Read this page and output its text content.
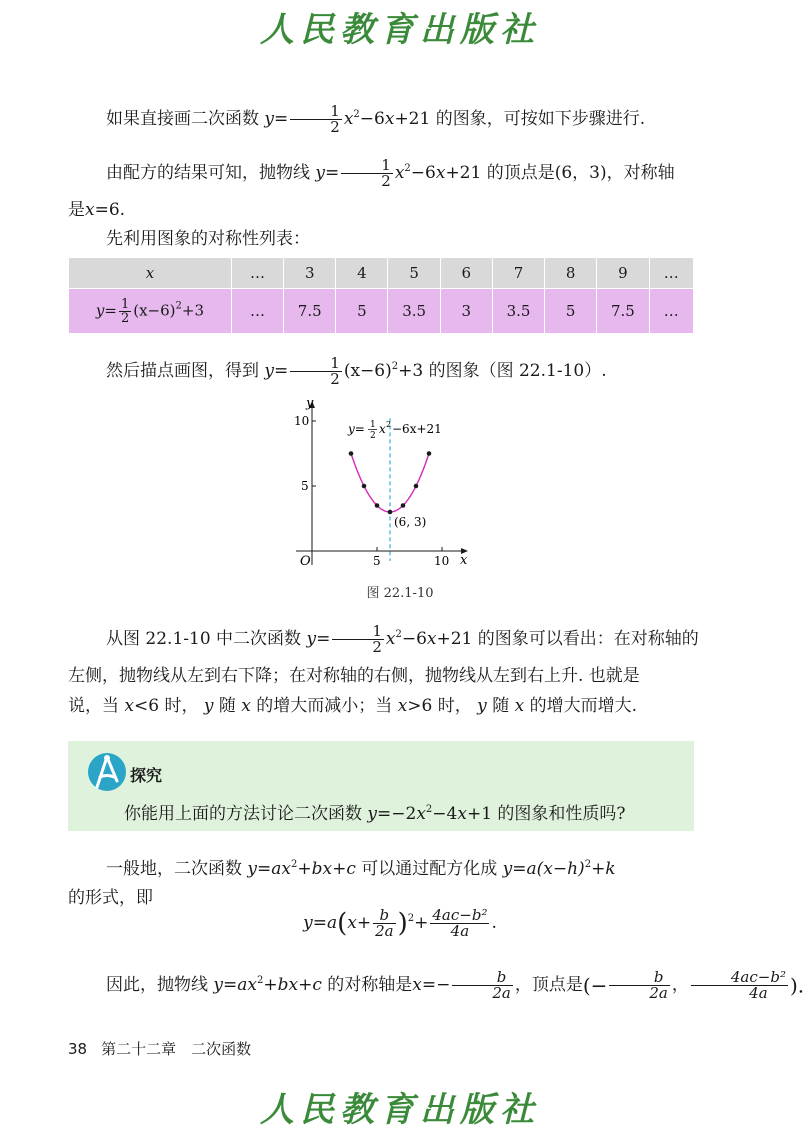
人民教育出版社
如果直接画二次函数 $y= \frac{1}{2} x^2-6x+21$ 的图象，可按如下步骤进行.
由配方的结果可知，抛物线 $y= \frac{1}{2} x^2-6x+21$ 的顶点是(6，3)，对称轴
是x=6.
先利用图象的对称性列表：
x	…	3	4	5	6	7	8	9	…
$y= \frac{1}{2} (x-6)^2+3$	…	7.5	5	3.5	3	3.5	5	7.5	…
然后描点画图，得到 $y= \frac{1}{2} (x-6)^2+3$ 的图象（图 22.1-10）.
5	10
5
10
y
x
O
y= 1
2 x 2 −6x+21
(6, 3)
图 22.1-10
从图 22.1-10 中二次函数 $y= \frac{1}{2} x^2-6x+21$ 的图象可以看出：在对称轴的
左侧，抛物线从左到右下降；在对称轴的右侧，抛物线从左到右上升. 也就是
说，当 x<6 时， y 随 x 的增大而减小；当 x>6 时， y 随 x 的增大而增大.
探究
你能用上面的方法讨论二次函数 $y=-2x^2-4x+1$ 的图象和性质吗?
一般地，二次函数 $y=ax^2+bx+c$ 可以通过配方化成 $y=a(x-h)^2+k$
的形式，即
$y=a(x+ \frac{b}{2a} )^2+ \frac{\text{4ac−b²}}{4a}$ .
因此，抛物线 $y=ax^2+bx+c$ 的对称轴是$x=- \frac{b}{2a}$ ，顶点是(− $\frac{b}{2a}$ ， $\frac{\text{4ac−b²}}{4a}$ ).
38 第二十二章　二次函数
人民教育出版社
